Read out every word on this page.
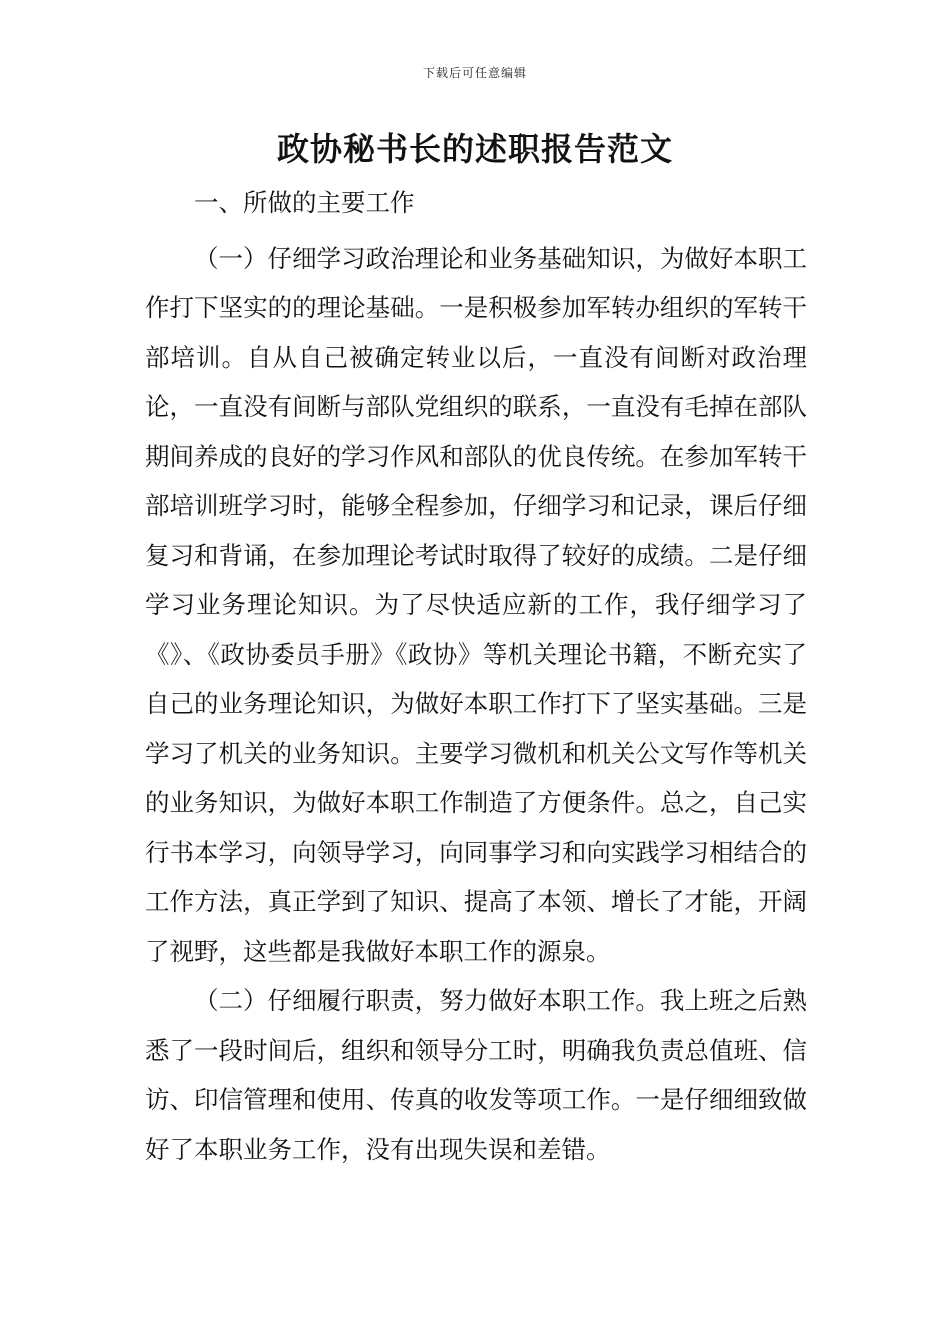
下载后可任意编辑
政协秘书长的述职报告范文

一、所做的主要工作

（一）仔细学习政治理论和业务基础知识，为做好本职工作打下坚实的的理论基础。一是积极参加军转办组织的军转干部培训。自从自己被确定转业以后，一直没有间断对政治理论，一直没有间断与部队党组织的联系，一直没有毛掉在部队期间养成的良好的学习作风和部队的优良传统。在参加军转干部培训班学习时，能够全程参加，仔细学习和记录，课后仔细复习和背诵，在参加理论考试时取得了较好的成绩。二是仔细学习业务理论知识。为了尽快适应新的工作，我仔细学习了《》、《政协委员手册》《政协》等机关理论书籍，不断充实了自己的业务理论知识，为做好本职工作打下了坚实基础。三是学习了机关的业务知识。主要学习微机和机关公文写作等机关的业务知识，为做好本职工作制造了方便条件。总之，自己实行书本学习，向领导学习，向同事学习和向实践学习相结合的工作方法，真正学到了知识、提高了本领、增长了才能，开阔了视野，这些都是我做好本职工作的源泉。

（二）仔细履行职责，努力做好本职工作。我上班之后熟悉了一段时间后，组织和领导分工时，明确我负责总值班、信访、印信管理和使用、传真的收发等项工作。一是仔细细致做好了本职业务工作，没有出现失误和差错。
